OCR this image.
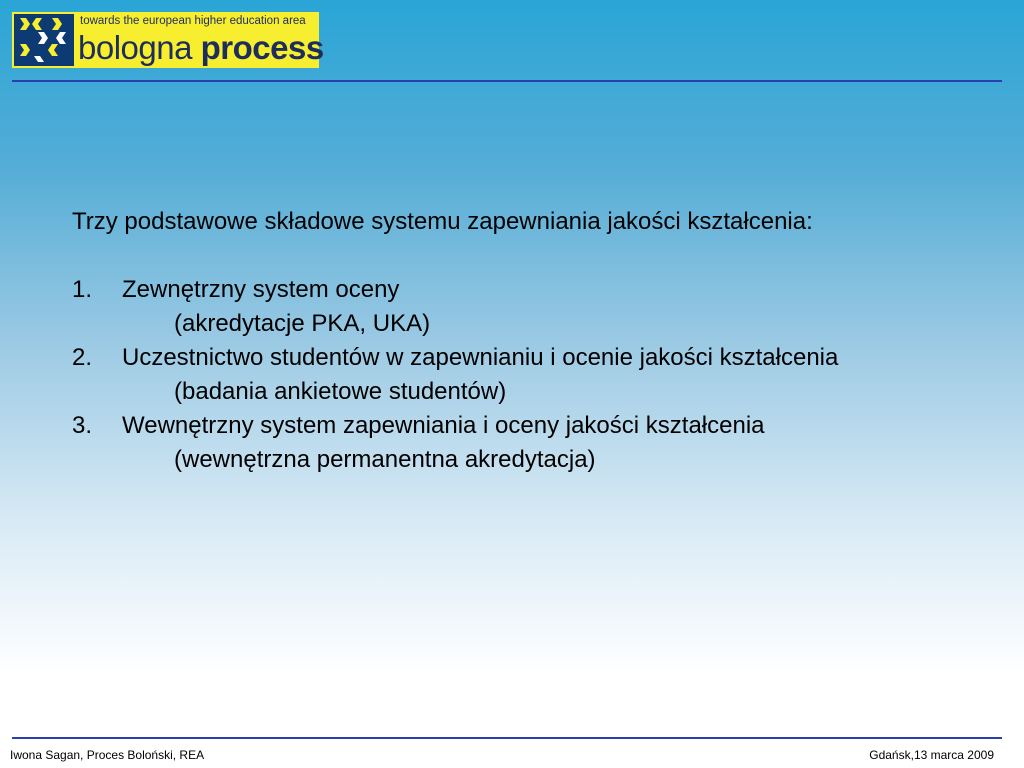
towards the european higher education area
bologna process

Trzy podstawowe składowe systemu zapewniania jakości kształcenia:

1.	Zewnętrzny system oceny
(akredytacje PKA, UKA)
2.	Uczestnictwo studentów w zapewnianiu i ocenie jakości kształcenia
(badania ankietowe studentów)
3.	Wewnętrzny system zapewniania i oceny jakości kształcenia
(wewnętrzna permanentna akredytacja)
Iwona Sagan, Proces Boloński, REA	Gdańsk,13 marca 2009
